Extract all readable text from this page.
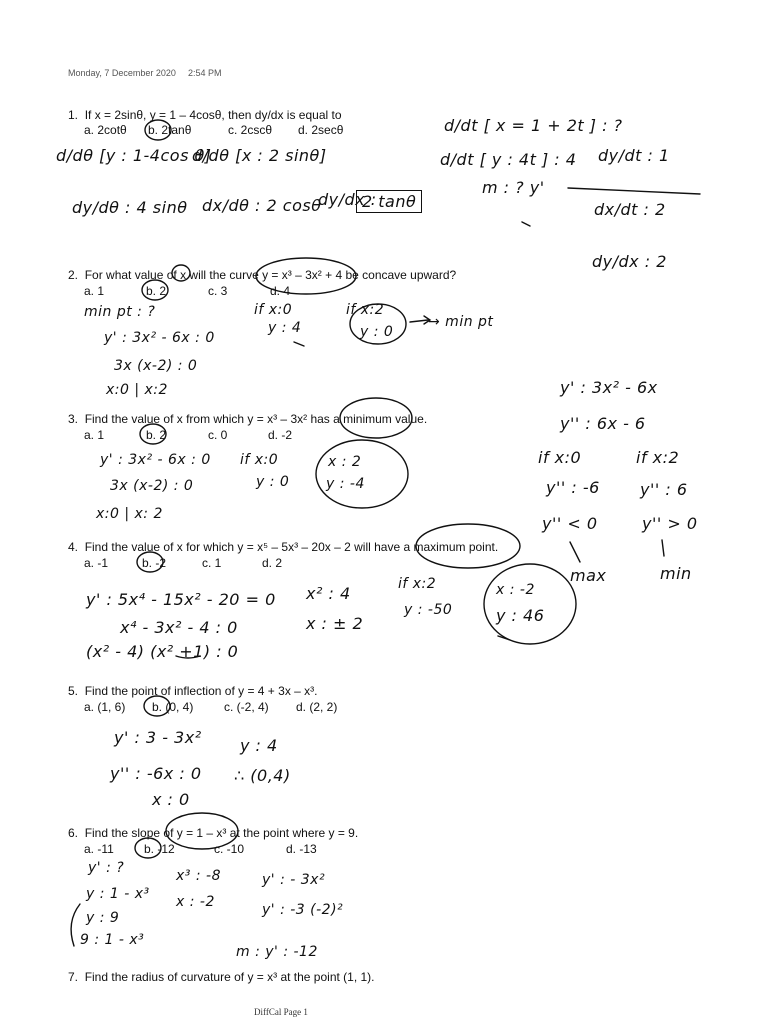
Monday, 7 December 2020 2:54 PM
1. If x = 2sinθ, y = 1 – 4cosθ, then dy/dx is equal to
a. 2cotθ b. 2tanθ	c. 2cscθ d. 2secθ
2. For what value of x will the curve y = x³ – 3x² + 4 be concave upward?
a. 1	b. 2	c. 3	d. 4
3. Find the value of x from which y = x³ – 3x² has a minimum value.
a. 1	b. 2	c. 0	d. -2
4. Find the value of x for which y = x⁵ – 5x³ – 20x – 2 will have a maximum point.
a. -1	b. -2	c. 1	d. 2
5. Find the point of inflection of y = 4 + 3x – x³.
a. (1, 6) b. (0, 4)	c. (-2, 4) d. (2, 2)
6. Find the slope of y = 1 – x³ at the point where y = 9.
a. -11	b. -12	c. -10	d. -13
7. Find the radius of curvature of y = x³ at the point (1, 1).
d/dθ [y : 1-4cos θ]
d/dθ [x : 2 sinθ]
dy/dθ : 4 sinθ dx/dθ : 2 cosθ
dy/dx :
2 tanθ
d/dt [ x = 1 + 2t ] : ?
d/dt [ y : 4t ] : 4
m : ? y'
dy/dt : 1
dx/dt : 2
dy/dx : 2
min pt : ?
y' : 3x² - 6x : 0
3x (x-2) : 0
x:0 | x:2
if x:0
y : 4
if x:2
y : 0
→ min pt
y' : 3x² - 6x
y'' : 6x - 6
if x:0
y'' : -6
y'' < 0
max
if x:2
y'' : 6
y'' > 0
min
y' : 3x² - 6x : 0
3x (x-2) : 0
x:0 | x: 2
if x:0
y : 0
x : 2
y : -4
y' : 5x⁴ - 15x² - 20 = 0
x⁴ - 3x² - 4 : 0
(x² - 4) (x² +1) : 0
x² : 4
x : ± 2
if x:2
y : -50
x : -2
y : 46
y' : 3 - 3x²
y'' : -6x : 0
x : 0
y : 4
∴ (0,4)
y' : ?
y : 1 - x³
y : 9
9 : 1 - x³
x³ : -8
x : -2
y' : - 3x²
y' : -3 (-2)²
m : y' : -12
DiffCal Page 1
